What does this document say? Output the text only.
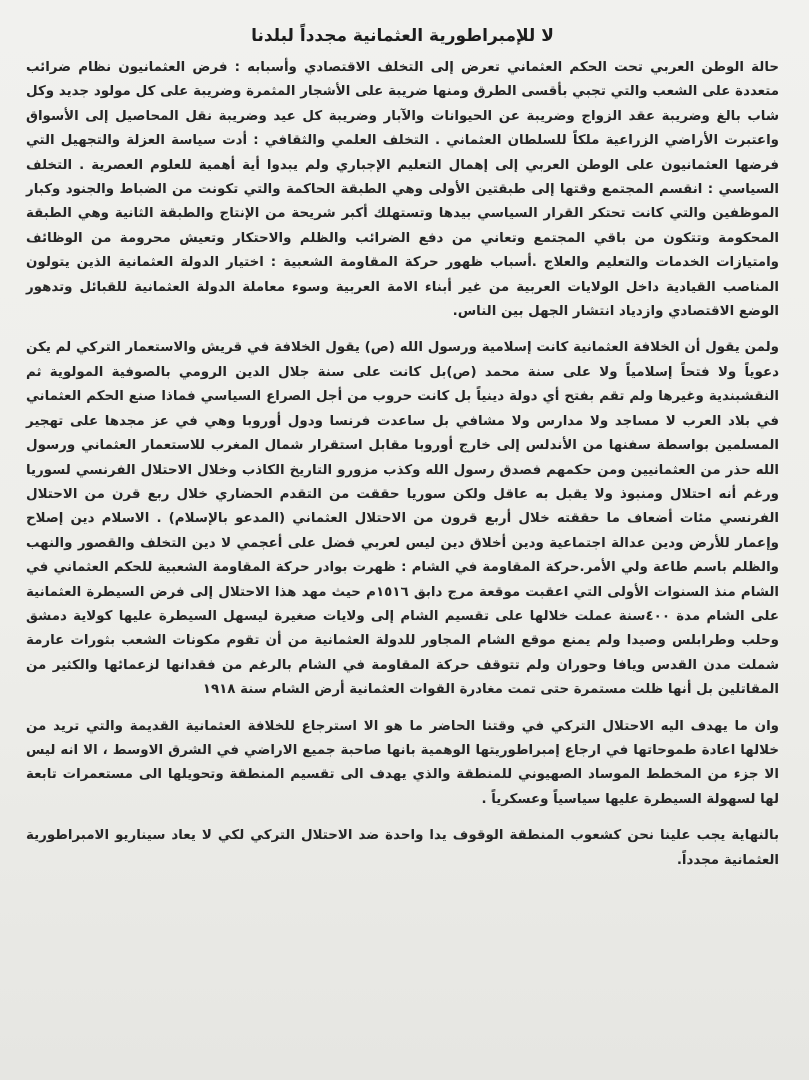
لا للإمبراطورية العثمانية مجدداً لبلدنا

حالة الوطن العربي تحت الحكم العثماني تعرض إلى التخلف الاقتصادي وأسبابه : فرض العثمانيون نظام ضرائب متعددة على الشعب والتي تجبي بأقسى الطرق ومنها ضريبة على الأشجار المثمرة وضريبة على كل مولود جديد وكل شاب بالغ وضريبة عقد الزواج وضريبة عن الحيوانات والآبار وضريبة كل عيد وضريبة نقل المحاصيل إلى الأسواق واعتبرت الأراضي الزراعية ملكاً للسلطان العثماني . التخلف العلمي والثقافي : أدت سياسة العزلة والتجهيل التي فرضها العثمانيون على الوطن العربي إلى إهمال التعليم الإجباري ولم يبدوا أية أهمية للعلوم العصرية . التخلف السياسي : انقسم المجتمع وقتها إلى طبقتين الأولى وهي الطبقة الحاكمة والتي تكونت من الضباط والجنود وكبار الموظفين والتي كانت تحتكر القرار السياسي بيدها وتستهلك أكبر شريحة من الإنتاج والطبقة الثانية وهي الطبقة المحكومة وتتكون من باقي المجتمع وتعاني من دفع الضرائب والظلم والاحتكار وتعيش محرومة من الوظائف وامتيازات الخدمات والتعليم والعلاج .أسباب ظهور حركة المقاومة الشعبية : اختيار الدولة العثمانية الذين يتولون المناصب القيادية داخل الولايات العربية من غير أبناء الامة العربية وسوء معاملة الدولة العثمانية للقبائل وتدهور الوضع الاقتصادي وازدياد انتشار الجهل بين الناس.

ولمن يقول أن الخلافة العثمانية كانت إسلامية ورسول الله (ص) يقول الخلافة في قريش والاستعمار التركي لم يكن دعوياً ولا فتحاً إسلامياً ولا على سنة محمد (ص)بل كانت على سنة جلال الدين الرومي بالصوفية المولوية ثم النقشبندية وغيرها ولم تقم بفتح أي دولة دينياً بل كانت حروب من أجل الصراع السياسي فماذا صنع الحكم العثماني في بلاد العرب لا مساجد ولا مدارس ولا مشافي بل ساعدت فرنسا ودول أوروبا وهي في عز مجدها على تهجير المسلمين بواسطة سفنها من الأندلس إلى خارج أوروبا مقابل استقرار شمال المغرب للاستعمار العثماني ورسول الله حذر من العثمانيين ومن حكمهم فصدق رسول الله وكذب مزورو التاريخ الكاذب وخلال الاحتلال الفرنسي لسوريا ورغم أنه احتلال ومنبوذ ولا يقبل به عاقل ولكن سوريا حققت من التقدم الحضاري خلال ربع قرن من الاحتلال الفرنسي مئات أضعاف ما حققته خلال أربع قرون من الاحتلال العثماني (المدعو بالإسلام) . الاسلام دين إصلاح وإعمار للأرض ودين عدالة اجتماعية ودين أخلاق دين ليس لعربي فضل على أعجمي لا دين التخلف والقصور والنهب والظلم باسم طاعة ولي الأمر.حركة المقاومة في الشام : ظهرت بوادر حركة المقاومة الشعبية للحكم العثماني في الشام منذ السنوات الأولى التي اعقبت موقعة مرج دابق ١٥١٦م حيث مهد هذا الاحتلال إلى فرض السيطرة العثمانية على الشام مدة ٤٠٠سنة عملت خلالها على تقسيم الشام إلى ولايات صغيرة ليسهل السيطرة عليها كولاية دمشق وحلب وطرابلس وصيدا ولم يمنع موقع الشام المجاور للدولة العثمانية من أن تقوم مكونات الشعب بثورات عارمة شملت مدن القدس ويافا وحوران ولم تتوقف حركة المقاومة في الشام بالرغم من فقدانها لزعمائها والكثير من المقاتلين بل أنها ظلت مستمرة حتى تمت مغادرة القوات العثمانية أرض الشام سنة ١٩١٨

وان ما يهدف اليه الاحتلال التركي في وقتنا الحاضر ما هو الا استرجاع للخلافة العثمانية القديمة والتي تريد من خلالها اعادة طموحاتها في ارجاع إمبراطوريتها الوهمية بانها صاحبة جميع الاراضي في الشرق الاوسط ، الا انه ليس الا جزء من المخطط الموساد الصهيوني للمنطقة والذي يهدف الى تقسيم المنطقة وتحويلها الى مستعمرات تابعة لها لسهولة السيطرة عليها سياسياً وعسكرياً .

بالنهاية يجب علينا نحن كشعوب المنطقة الوقوف يدا واحدة ضد الاحتلال التركي لكي لا يعاد سيناريو الامبراطورية العثمانية مجدداً.
